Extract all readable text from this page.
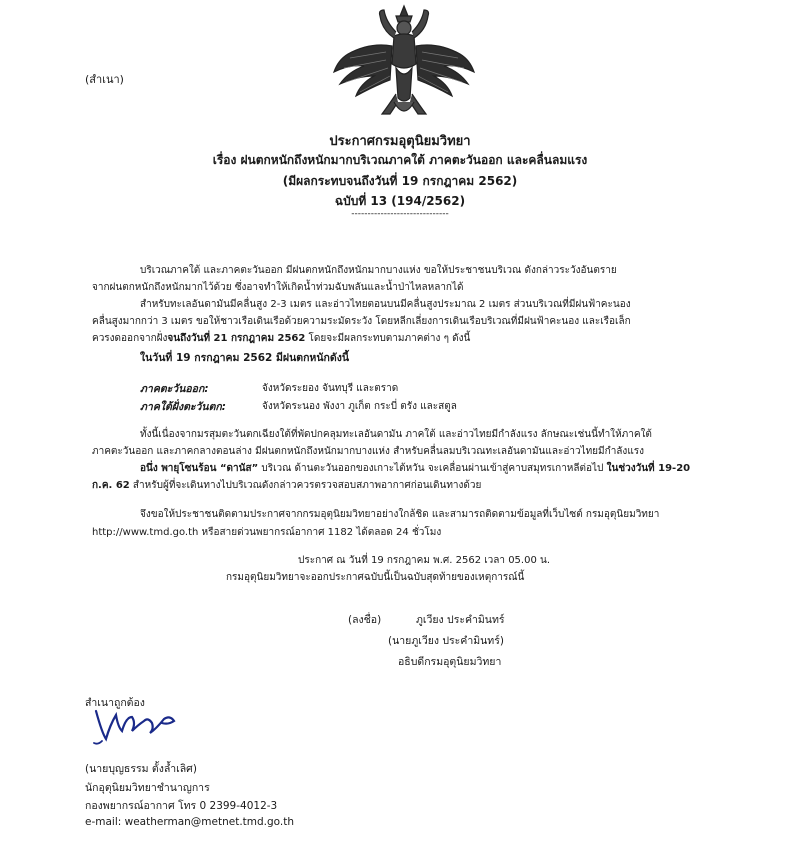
(สำเนา)
ประกาศกรมอุตุนิยมวิทยา
เรื่อง ฝนตกหนักถึงหนักมากบริเวณภาคใต้ ภาคตะวันออก และคลื่นลมแรง
(มีผลกระทบจนถึงวันที่ 19 กรกฎาคม 2562)
ฉบับที่ 13 (194/2562)
------------------------------
บริเวณภาคใต้ และภาคตะวันออก มีฝนตกหนักถึงหนักมากบางแห่ง ขอให้ประชาชนบริเวณ ดังกล่าวระวังอันตราย
จากฝนตกหนักถึงหนักมากไว้ด้วย ซึ่งอาจทำให้เกิดน้ำท่วมฉับพลันและน้ำป่าไหลหลากได้
สำหรับทะเลอันดามันมีคลื่นสูง 2-3 เมตร และอ่าวไทยตอนบนมีคลื่นสูงประมาณ 2 เมตร ส่วนบริเวณที่มีฝนฟ้าคะนอง
คลื่นสูงมากกว่า 3 เมตร ขอให้ชาวเรือเดินเรือด้วยความระมัดระวัง โดยหลีกเลี่ยงการเดินเรือบริเวณที่มีฝนฟ้าคะนอง และเรือเล็ก
ควรงดออกจากฝั่งจนถึงวันที่ 21 กรกฎาคม 2562 โดยจะมีผลกระทบตามภาคต่าง ๆ ดังนี้
ในวันที่ 19 กรกฎาคม 2562 มีฝนตกหนักดังนี้
ภาคตะวันออก:	จังหวัดระยอง จันทบุรี และตราด
ภาคใต้ฝั่งตะวันตก:	จังหวัดระนอง พังงา ภูเก็ต กระบี่ ตรัง และสตูล
ทั้งนี้เนื่องจากมรสุมตะวันตกเฉียงใต้ที่พัดปกคลุมทะเลอันดามัน ภาคใต้ และอ่าวไทยมีกำลังแรง ลักษณะเช่นนี้ทำให้ภาคใต้
ภาคตะวันออก และภาคกลางตอนล่าง มีฝนตกหนักถึงหนักมากบางแห่ง สำหรับคลื่นลมบริเวณทะเลอันดามันและอ่าวไทยมีกำลังแรง
อนึ่ง พายุโซนร้อน “ดานัส” บริเวณ ด้านตะวันออกของเกาะไต้หวัน จะเคลื่อนผ่านเข้าสู่คาบสมุทรเกาหลีต่อไป ในช่วงวันที่ 19-20
ก.ค. 62 สำหรับผู้ที่จะเดินทางไปบริเวณดังกล่าวควรตรวจสอบสภาพอากาศก่อนเดินทางด้วย
จึงขอให้ประชาชนติดตามประกาศจากกรมอุตุนิยมวิทยาอย่างใกล้ชิด และสามารถติดตามข้อมูลที่เว็บไซต์ กรมอุตุนิยมวิทยา
http://www.tmd.go.th หรือสายด่วนพยากรณ์อากาศ 1182 ได้ตลอด 24 ชั่วโมง
ประกาศ ณ วันที่ 19 กรกฎาคม พ.ศ. 2562 เวลา 05.00 น.
กรมอุตุนิยมวิทยาจะออกประกาศฉบับนี้เป็นฉบับสุดท้ายของเหตุการณ์นี้
(ลงชื่อ)	ภูเวียง ประคำมินทร์
(นายภูเวียง ประคำมินทร์)
อธิบดีกรมอุตุนิยมวิทยา
สำเนาถูกต้อง
(นายบุญธรรม ตั้งล้ำเลิศ)
นักอุตุนิยมวิทยาชำนาญการ
กองพยากรณ์อากาศ โทร 0 2399-4012-3
e-mail: weatherman@metnet.tmd.go.th
